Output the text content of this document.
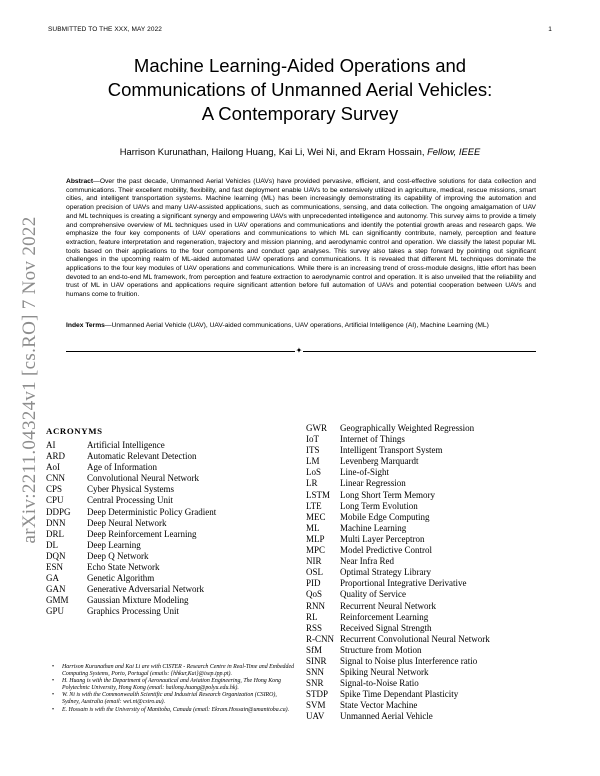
SUBMITTED TO THE XXX, MAY 2022	1
arXiv:2211.04324v1 [cs.RO] 7 Nov 2022
Machine Learning-Aided Operations and
Communications of Unmanned Aerial Vehicles:
A Contemporary Survey
Harrison Kurunathan, Hailong Huang, Kai Li, Wei Ni, and Ekram Hossain, Fellow, IEEE
Abstract—Over the past decade, Unmanned Aerial Vehicles (UAVs) have provided pervasive, efficient, and cost-effective solutions for data collection and communications. Their excellent mobility, flexibility, and fast deployment enable UAVs to be extensively utilized in agriculture, medical, rescue missions, smart cities, and intelligent transportation systems. Machine learning (ML) has been increasingly demonstrating its capability of improving the automation and operation precision of UAVs and many UAV-assisted applications, such as communications, sensing, and data collection. The ongoing amalgamation of UAV and ML techniques is creating a significant synergy and empowering UAVs with unprecedented intelligence and autonomy. This survey aims to provide a timely and comprehensive overview of ML techniques used in UAV operations and communications and identify the potential growth areas and research gaps. We emphasize the four key components of UAV operations and communications to which ML can significantly contribute, namely, perception and feature extraction, feature interpretation and regeneration, trajectory and mission planning, and aerodynamic control and operation. We classify the latest popular ML tools based on their applications to the four components and conduct gap analyses. This survey also takes a step forward by pointing out significant challenges in the upcoming realm of ML-aided automated UAV operations and communications. It is revealed that different ML techniques dominate the applications to the four key modules of UAV operations and communications. While there is an increasing trend of cross-module designs, little effort has been devoted to an end-to-end ML framework, from perception and feature extraction to aerodynamic control and operation. It is also unveiled that the reliability and trust of ML in UAV operations and applications require significant attention before full automation of UAVs and potential cooperation between UAVs and humans come to fruition.
Index Terms—Unmanned Aerial Vehicle (UAV), UAV-aided communications, UAV operations, Artificial Intelligence (AI), Machine Learning (ML)
✦
ACRONYMS
AI	Artificial Intelligence
ARD Automatic Relevant Detection
AoI	Age of Information
CNN Convolutional Neural Network
CPS	Cyber Physical Systems
CPU	Central Processing Unit
DDPG Deep Deterministic Policy Gradient
DNN Deep Neural Network
DRL	Deep Reinforcement Learning
DL	Deep Learning
DQN Deep Q Network
ESN	Echo State Network
GA	Genetic Algorithm
GAN Generative Adversarial Network
GMM Gaussian Mixture Modeling
GPU	Graphics Processing Unit
GWR Geographically Weighted Regression
IoT Internet of Things
ITS Intelligent Transport System
LM Levenberg Marquardt
LoS Line-of-Sight
LR Linear Regression
LSTM Long Short Term Memory
LTE Long Term Evolution
MEC Mobile Edge Computing
ML Machine Learning
MLP Multi Layer Perceptron
MPC Model Predictive Control
NIR Near Infra Red
OSL Optimal Strategy Library
PID Proportional Integrative Derivative
QoS Quality of Service
RNN Recurrent Neural Network
RL Reinforcement Learning
RSS Received Signal Strength
R-CNN Recurrent Convolutional Neural Network
SfM Structure from Motion
SINR Signal to Noise plus Interference ratio
SNN Spiking Neural Network
SNR Signal-to-Noise Ratio
STDP Spike Time Dependant Plasticity
SVM State Vector Machine
UAV Unmanned Aerial Vehicle
• Harrison Kurunathan and Kai Li are with CISTER - Research Centre in Real-Time and Embedded Computing Systems, Porto, Portugal (emails: {hhkur,Kai}@isep.ipp.pt).
• H. Huang is with the Department of Aeronautical and Aviation Engineering, The Hong Kong Polytechnic University, Hong Kong (email: hailong.huang@polyu.edu.hk).
• W. Ni is with the Commonwealth Scientific and Industrial Research Organization (CSIRO), Sydney, Australia (email: wei.ni@csiro.au).
• E. Hossain is with the University of Manitoba, Canada (email: Ekram.Hossain@umanitoba.ca).
